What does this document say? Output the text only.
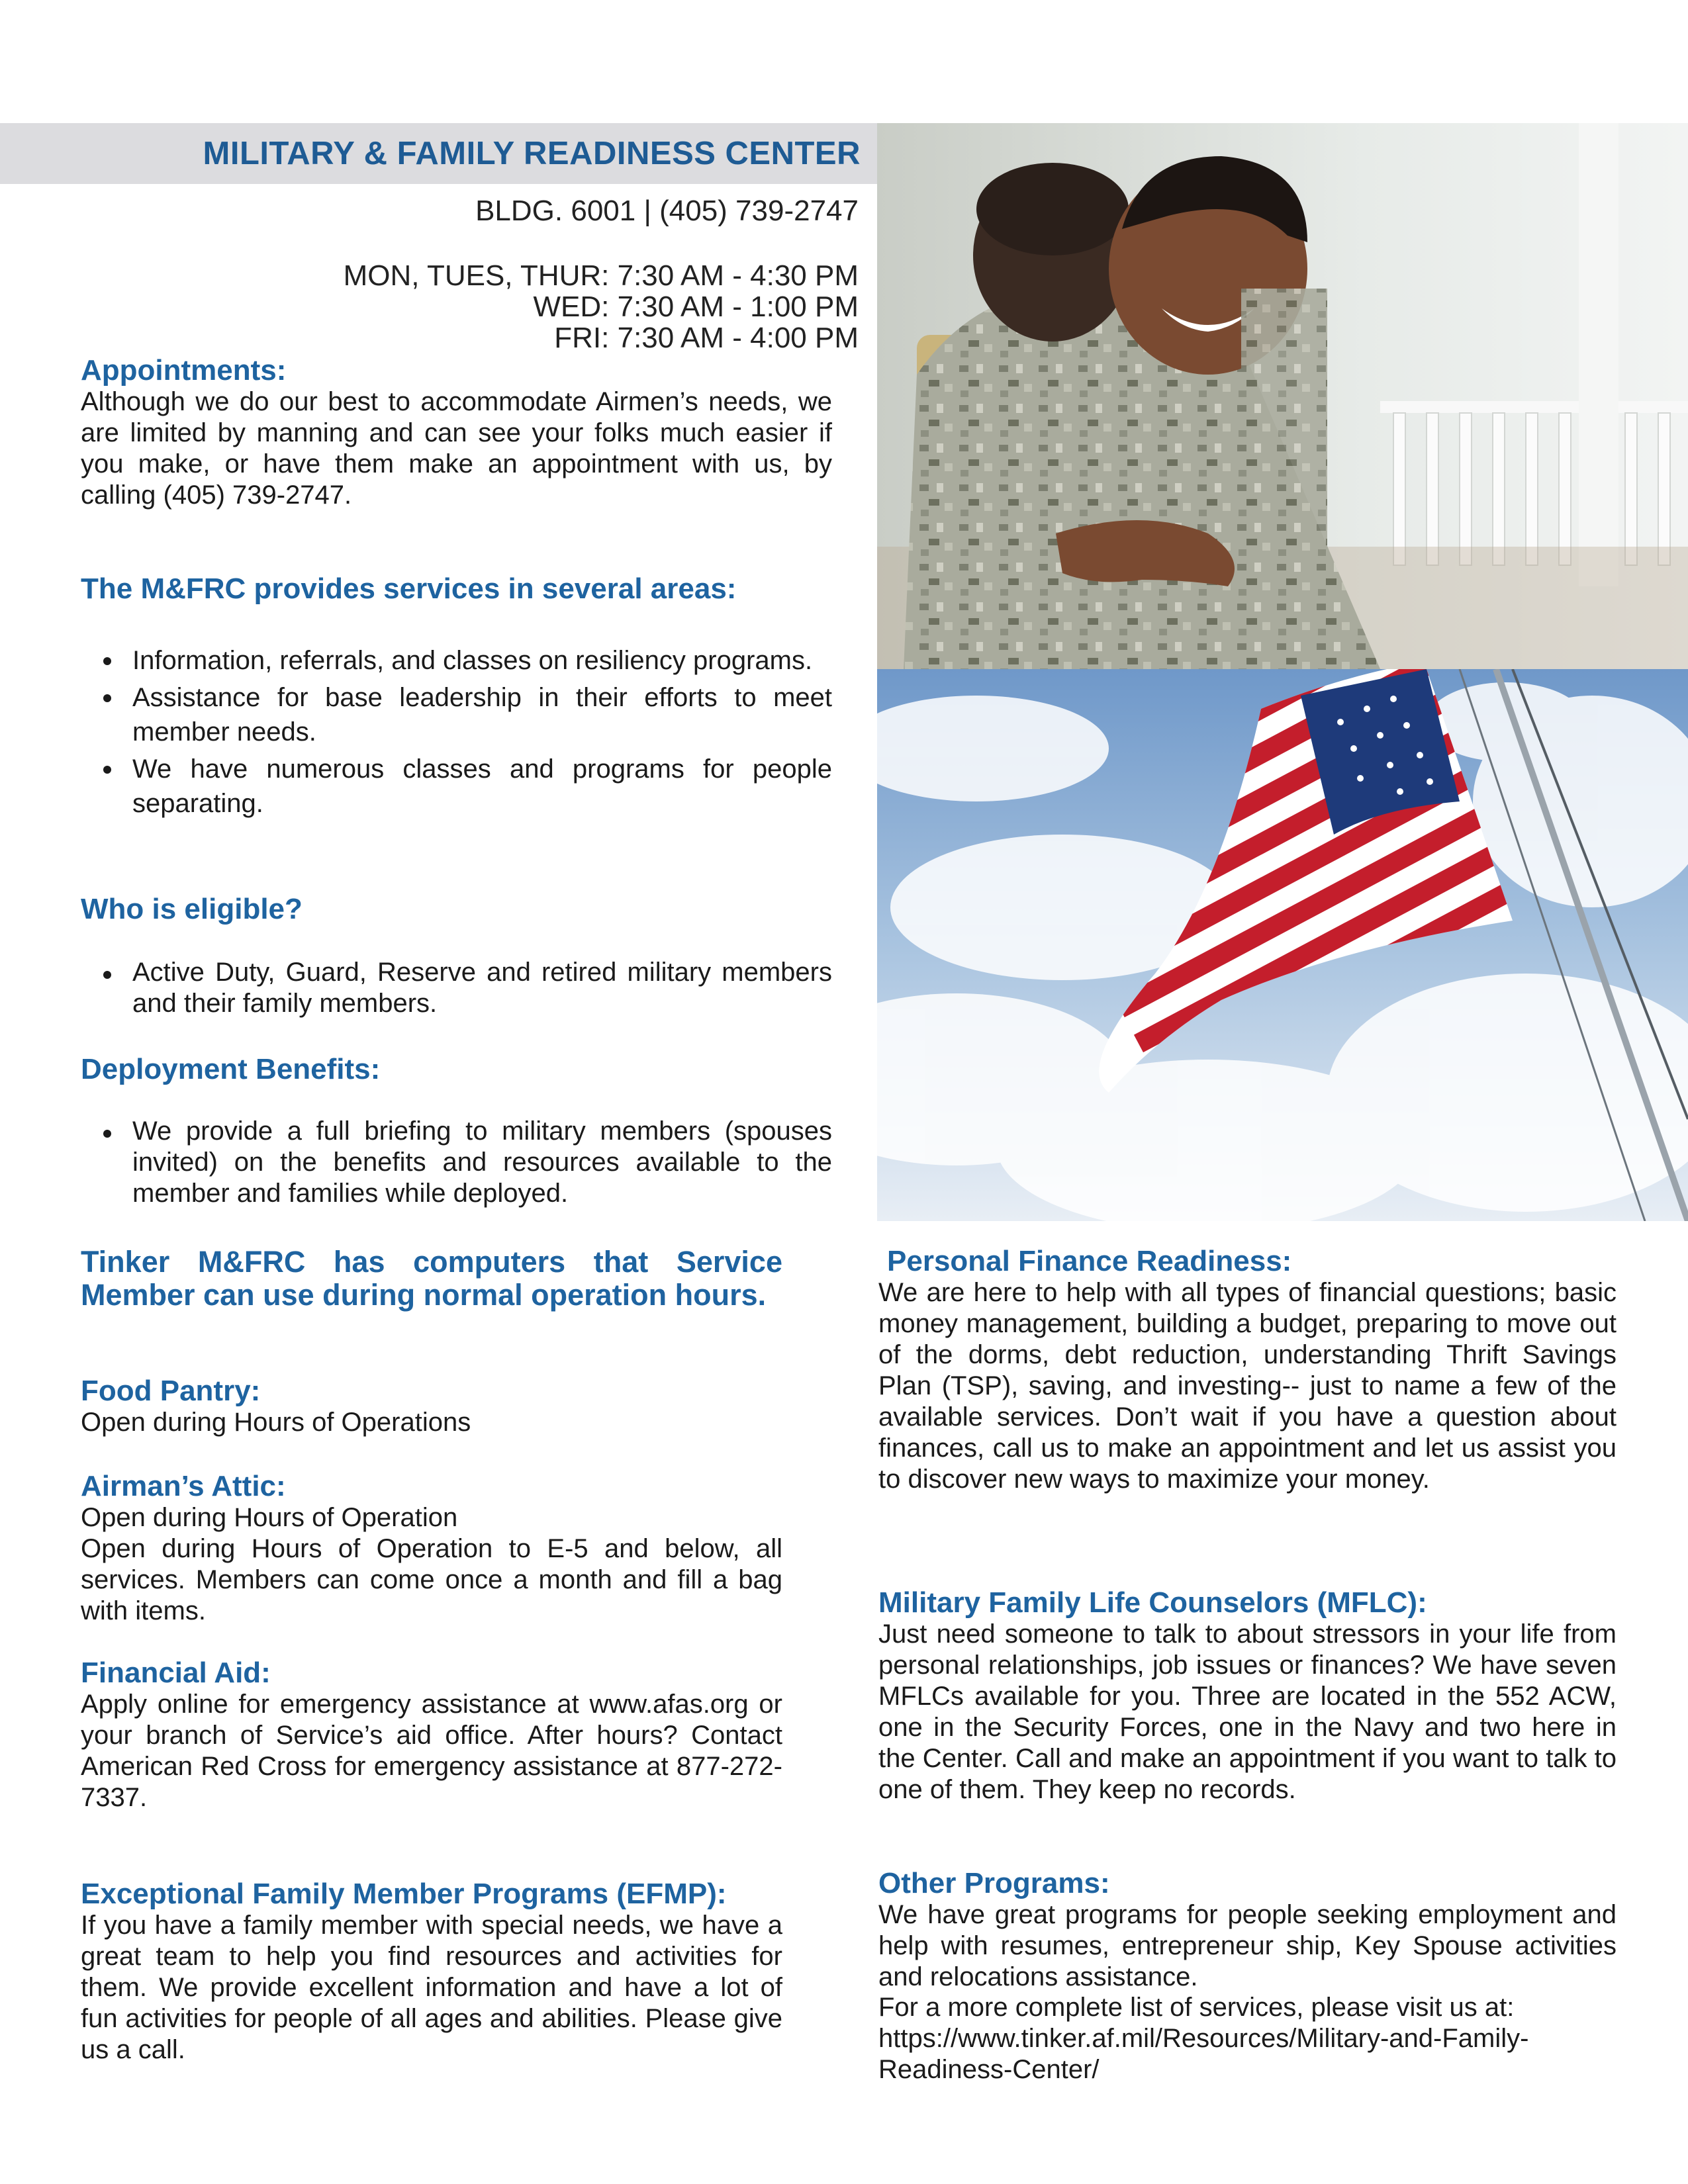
MILITARY & FAMILY READINESS CENTER
BLDG. 6001 | (405) 739-2747
MON, TUES, THUR: 7:30 AM - 4:30 PM
WED: 7:30 AM - 1:00 PM
FRI: 7:30 AM - 4:00 PM
Appointments:
Although we do our best to accommodate Airmen’s needs, we are limited by manning and can see your folks much easier if you make, or have them make an appointment with us, by calling (405) 739-2747.
The M&FRC provides services in several areas:
Information, referrals, and classes on resiliency programs.
Assistance for base leadership in their efforts to meet member needs.
We have numerous classes and programs for people separating.
Who is eligible?
Active Duty, Guard, Reserve and retired military members and their family members.
Deployment Benefits:
We provide a full briefing to military members (spouses invited) on the benefits and resources available to the member and families while deployed.
Tinker M&FRC has computers that Service Member can use during normal operation hours.
Food Pantry:
Open during Hours of Operations
Airman’s Attic:
Open during Hours of Operation
Open during Hours of Operation to E-5 and below, all services. Members can come once a month and fill a bag with items.
Financial Aid:
Apply online for emergency assistance at www.afas.org or your branch of Service’s aid office. After hours? Contact American Red Cross for emergency assistance at 877-272-7337.
Exceptional Family Member Programs (EFMP):
If you have a family member with special needs, we have a great team to help you find resources and activities for them. We provide excellent information and have a lot of fun activities for people of all ages and abilities. Please give us a call.
Personal Finance Readiness:
We are here to help with all types of financial questions; basic money management, building a budget, preparing to move out of the dorms, debt reduction, understanding Thrift Savings Plan (TSP), saving, and investing-- just to name a few of the available services. Don’t wait if you have a question about finances, call us to make an appointment and let us assist you to discover new ways to maximize your money.
Military Family Life Counselors (MFLC):
Just need someone to talk to about stressors in your life from personal relationships, job issues or finances? We have seven MFLCs available for you. Three are located in the 552 ACW, one in the Security Forces, one in the Navy and two here in the Center. Call and make an appointment if you want to talk to one of them. They keep no records.
Other Programs:
We have great programs for people seeking employment and help with resumes, entrepreneur ship, Key Spouse activities and relocations assistance.
For a more complete list of services, please visit us at:
https://www.tinker.af.mil/Resources/Military-and-Family-Readiness-Center/
